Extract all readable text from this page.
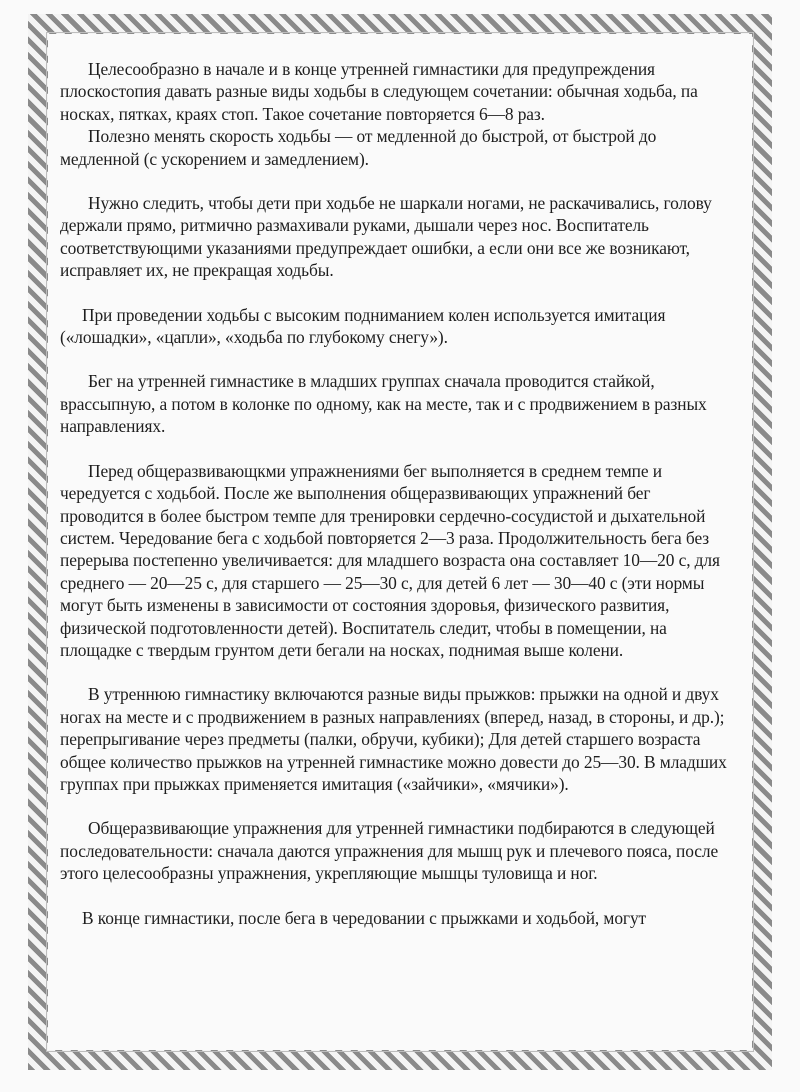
Целесообразно в начале и в конце утренней гимнастики для предупреждения плоскостопия давать разные виды ходьбы в следующем сочетании: обычная ходьба, па носках, пятках, краях стоп. Такое сочетание повторяется 6—8 раз.

Полезно менять скорость ходьбы — от медленной до быстрой, от быстрой до медленной (с ускорением и замедлением).

Нужно следить, чтобы дети при ходьбе не шаркали ногами, не раскачивались, голову держали прямо, ритмично размахивали руками, дышали через нос. Воспитатель соответствующими указаниями предупреждает ошибки, а если они все же возникают, исправляет их, не прекращая ходьбы.

При проведении ходьбы с высоким подниманием колен используется имитация («лошадки», «цапли», «ходьба по глубокому снегу»).

Бег на утренней гимнастике в младших группах сначала проводится стайкой, врассыпную, а потом в колонке по одному, как на месте, так и с продвижением в разных направлениях.

Перед общеразвивающкми упражнениями бег выполняется в среднем темпе и чередуется с ходьбой. После же выполнения общеразвивающих упражнений бег проводится в более быстром темпе для тренировки сердечно-сосудистой и дыхательной систем. Чередование бега с ходьбой повторяется 2—3 раза. Продолжительность бега без перерыва постепенно увеличивается: для младшего возраста она составляет 10—20 с, для среднего — 20—25 с, для старшего — 25—30 с, для детей 6 лет — 30—40 с (эти нормы могут быть изменены в зависимости от состояния здоровья, физического развития, физической подготовленности детей). Воспитатель следит, чтобы в помещении, на площадке с твердым грунтом дети бегали на носках, поднимая выше колени.

В утреннюю гимнастику включаются разные виды прыжков: прыжки на одной и двух ногах на месте и с продвижением в разных направлениях (вперед, назад, в стороны, и др.); перепрыгивание через предметы (палки, обручи, кубики); Для детей старшего возраста общее количество прыжков на утренней гимнастике можно довести до 25—30. В младших группах при прыжках применяется имитация («зайчики», «мячики»).

Общеразвивающие упражнения для утренней гимнастики подбираются в следующей последовательности: сначала даются упражнения для мышц рук и плечевого пояса, после этого целесообразны упражнения, укрепляющие мышцы туловища и ног.

В конце гимнастики, после бега в чередовании с прыжками и ходьбой, могут
